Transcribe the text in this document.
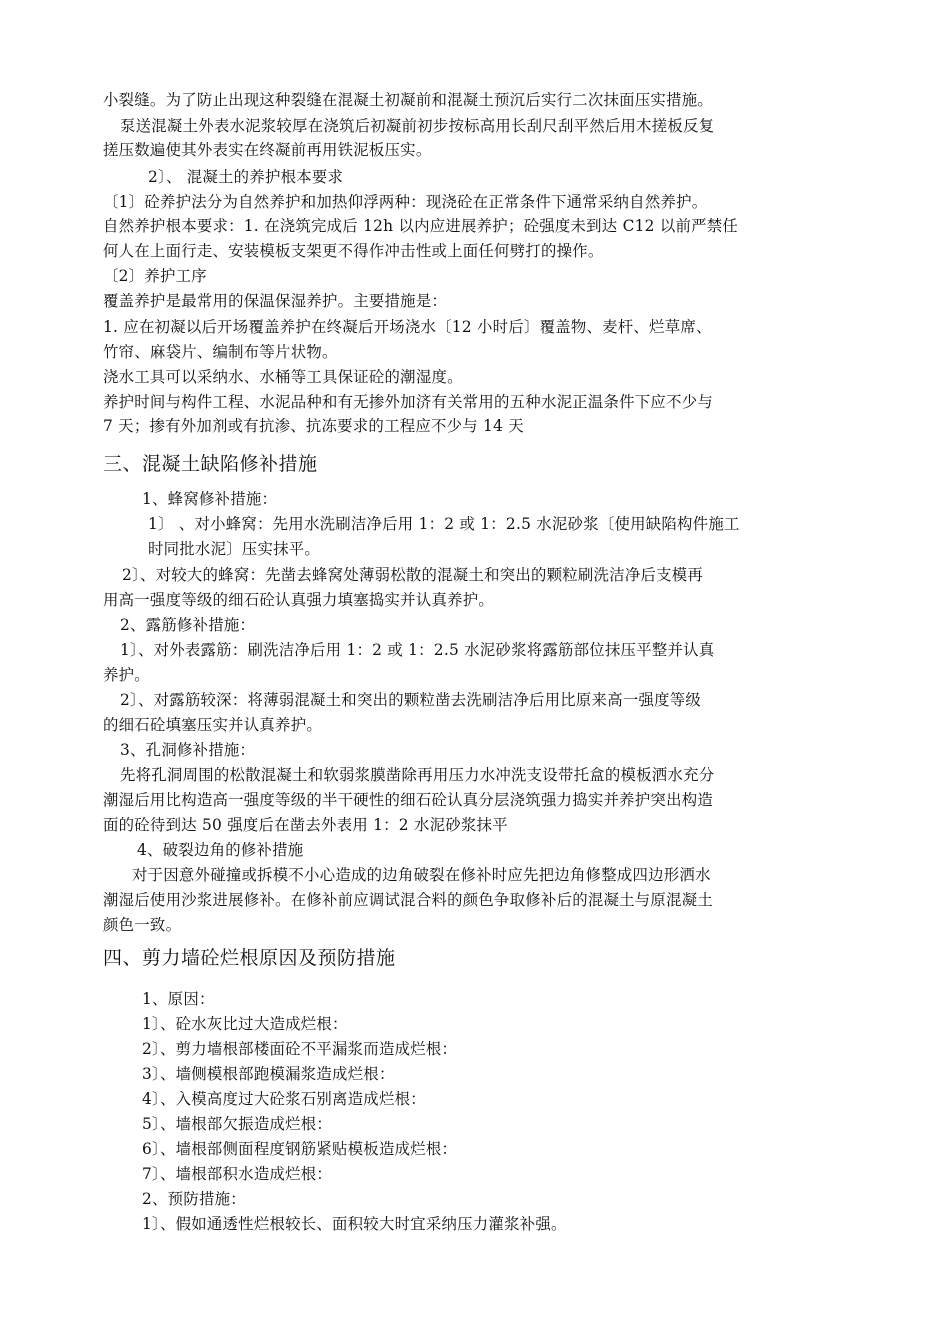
小裂缝。为了防止出现这种裂缝在混凝土初凝前和混凝土预沉后实行二次抹面压实措施。
泵送混凝土外表水泥浆较厚在浇筑后初凝前初步按标高用长刮尺刮平然后用木搓板反复
搓压数遍使其外表实在终凝前再用铁泥板压实。
2〕、 混凝土的养护根本要求
〔1〕砼养护法分为自然养护和加热仰浮两种：现浇砼在正常条件下通常采纳自然养护。
自然养护根本要求：1. 在浇筑完成后 12h 以内应进展养护；砼强度未到达 C12 以前严禁任
何人在上面行走、安装模板支架更不得作冲击性或上面任何劈打的操作。
〔2〕养护工序
覆盖养护是最常用的保温保湿养护。主要措施是：
1. 应在初凝以后开场覆盖养护在终凝后开场浇水〔12 小时后〕覆盖物、麦杆、烂草席、
竹帘、麻袋片、编制布等片状物。
浇水工具可以采纳水、水桶等工具保证砼的潮湿度。
养护时间与构件工程、水泥品种和有无掺外加济有关常用的五种水泥正温条件下应不少与
7 天；掺有外加剂或有抗渗、抗冻要求的工程应不少与 14 天
三、混凝土缺陷修补措施
1、蜂窝修补措施：
1〕 、对小蜂窝：先用水洗刷洁净后用 1：2 或 1：2.5 水泥砂浆〔使用缺陷构件施工
时同批水泥〕压实抹平。
2〕、对较大的蜂窝：先凿去蜂窝处薄弱松散的混凝土和突出的颗粒刷洗洁净后支模再
用高一强度等级的细石砼认真强力填塞捣实并认真养护。
2、露筋修补措施：
1〕、对外表露筋：刷洗洁净后用 1：2 或 1：2.5 水泥砂浆将露筋部位抹压平整并认真
养护。
2〕、对露筋较深：将薄弱混凝土和突出的颗粒凿去洗刷洁净后用比原来高一强度等级
的细石砼填塞压实并认真养护。
3、孔洞修补措施：
先将孔洞周围的松散混凝土和软弱浆膜凿除再用压力水冲洗支设带托盒的模板洒水充分
潮湿后用比构造高一强度等级的半干硬性的细石砼认真分层浇筑强力捣实并养护突出构造
面的砼待到达 50 强度后在凿去外表用 1：2 水泥砂浆抹平
4、破裂边角的修补措施
对于因意外碰撞或拆模不小心造成的边角破裂在修补时应先把边角修整成四边形洒水
潮湿后使用沙浆进展修补。在修补前应调试混合料的颜色争取修补后的混凝土与原混凝土
颜色一致。
四、剪力墙砼烂根原因及预防措施
1、原因：
1〕、砼水灰比过大造成烂根：
2〕、剪力墙根部楼面砼不平漏浆而造成烂根：
3〕、墙侧模根部跑模漏浆造成烂根：
4〕、入模高度过大砼浆石别离造成烂根：
5〕、墙根部欠振造成烂根：
6〕、墙根部侧面程度钢筋紧贴模板造成烂根：
7〕、墙根部积水造成烂根：
2、预防措施：
1〕、假如通透性烂根较长、面积较大时宜采纳压力灌浆补强。
